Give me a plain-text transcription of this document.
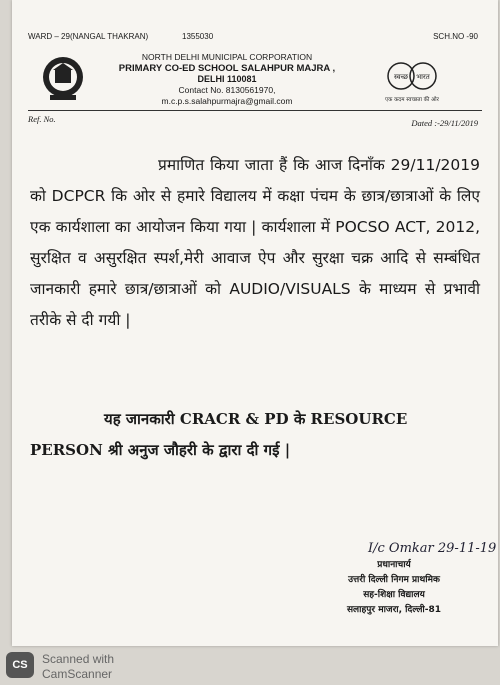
WARD – 29(NANGAL THAKRAN)	1355030	SCH.NO -90
NORTH DELHI MUNICIPAL CORPORATION
PRIMARY CO-ED SCHOOL SALAHPUR MAJRA ,
DELHI 110081
Contact No. 8130561970,
m.c.p.s.salahpurmajra@gmail.com
स्वच्छ भारत
एक कदम स्वच्छता की ओर
Ref. No.	Dated :-29/11/2019
प्रमाणित किया जाता हैं कि आज दिनाँक 29/11/2019 को DCPCR कि ओर से हमारे विद्यालय में कक्षा पंचम के छात्र/छात्राओं के लिए एक कार्यशाला का आयोजन किया गया | कार्यशाला में POCSO ACT, 2012, सुरक्षित व असुरक्षित स्पर्श,मेरी आवाज ऐप और सुरक्षा चक्र आदि से सम्बंधित जानकारी हमारे छात्र/छात्राओं को AUDIO/VISUALS के माध्यम से प्रभावी तरीके से दी गयी |
यह जानकारी CRACR & PD के RESOURCE PERSON श्री अनुज जौहरी के द्वारा दी गई |
I/c Omkar 29-11-19
प्रधानाचार्य
उत्तरी दिल्ली निगम प्राथमिक
सह-शिक्षा विद्यालय
सलाहपुर माजरा, दिल्ली-81
CS	Scanned with
CamScanner
